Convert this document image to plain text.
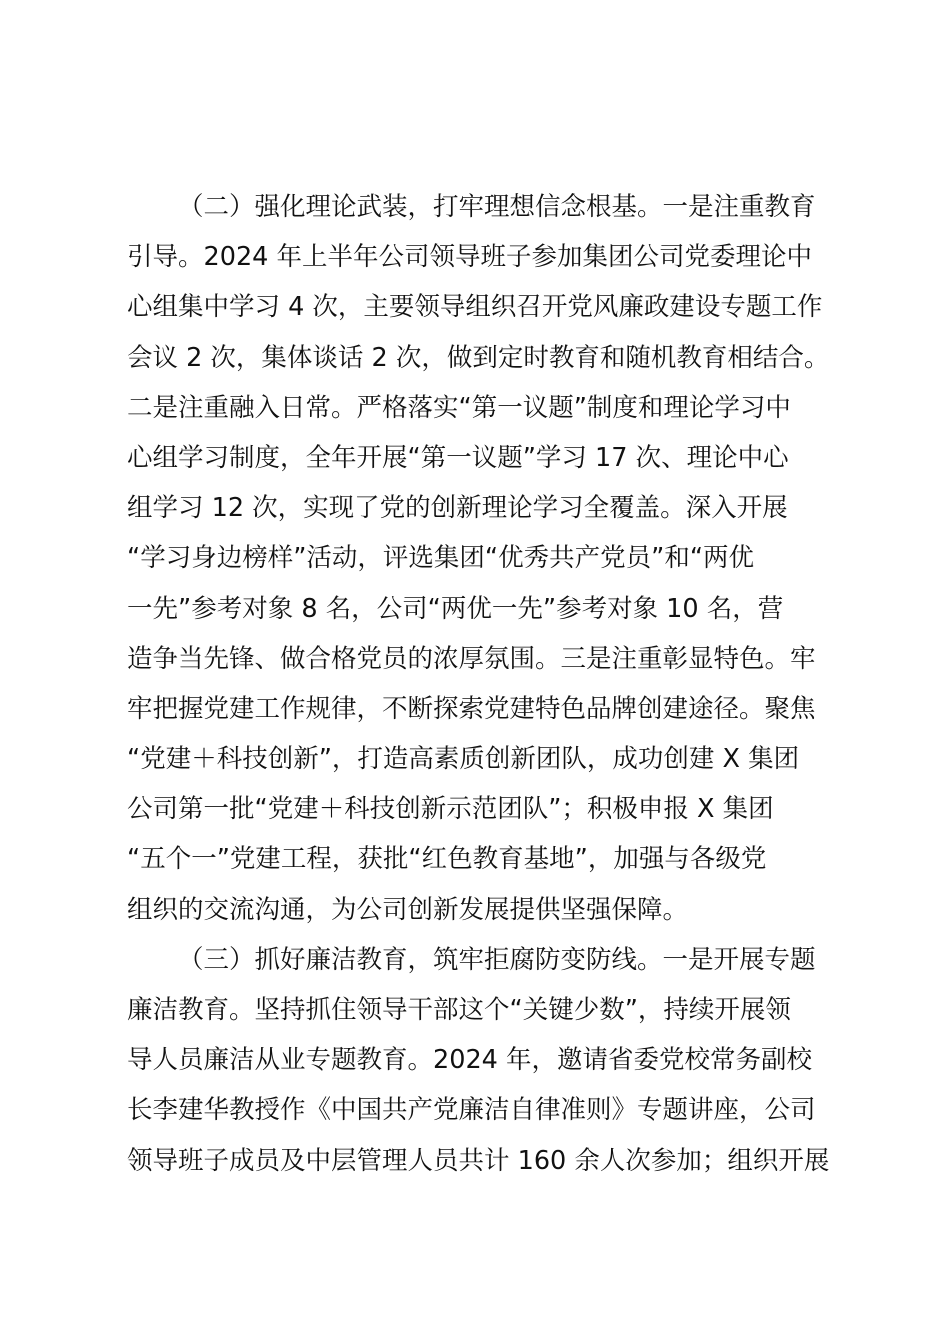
（二）强化理论武装，打牢理想信念根基。一是注重教育
引导。2024 年上半年公司领导班子参加集团公司党委理论中
心组集中学习 4 次，主要领导组织召开党风廉政建设专题工作
会议 2 次，集体谈话 2 次，做到定时教育和随机教育相结合。
二是注重融入日常。严格落实“第一议题”制度和理论学习中
心组学习制度，全年开展“第一议题”学习 17 次、理论中心
组学习 12 次，实现了党的创新理论学习全覆盖。深入开展
“学习身边榜样”活动，评选集团“优秀共产党员”和“两优
一先”参考对象 8 名，公司“两优一先”参考对象 10 名，营
造争当先锋、做合格党员的浓厚氛围。三是注重彰显特色。牢
牢把握党建工作规律，不断探索党建特色品牌创建途径。聚焦
“党建＋科技创新”，打造高素质创新团队，成功创建 X 集团
公司第一批“党建＋科技创新示范团队”；积极申报 X 集团
“五个一”党建工程，获批“红色教育基地”，加强与各级党
组织的交流沟通，为公司创新发展提供坚强保障。
（三）抓好廉洁教育，筑牢拒腐防变防线。一是开展专题
廉洁教育。坚持抓住领导干部这个“关键少数”，持续开展领
导人员廉洁从业专题教育。2024 年，邀请省委党校常务副校
长李建华教授作《中国共产党廉洁自律准则》专题讲座，公司
领导班子成员及中层管理人员共计 160 余人次参加；组织开展
